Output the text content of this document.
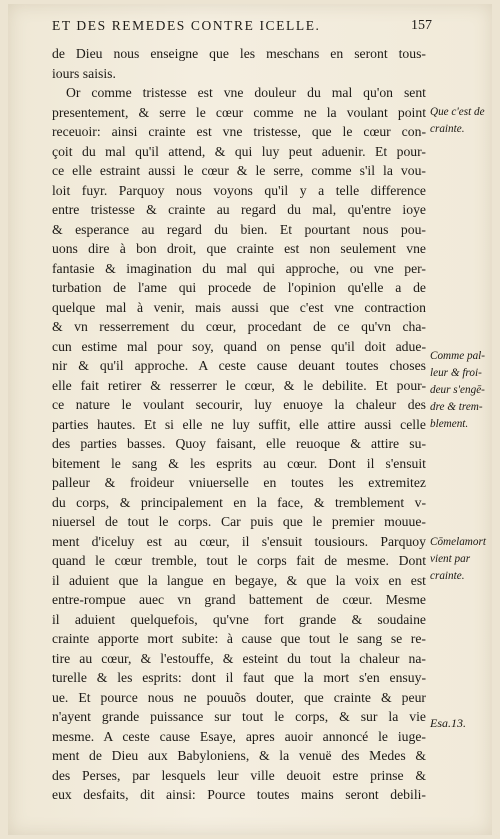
ET DES REMEDES CONTRE ICELLE.	157
de Dieu nous enseigne que les meschans en seront tous-
iours saisis.
Or comme tristesse est vne douleur du mal qu'on sent
presentement, & serre le cœur comme ne la voulant point
receuoir: ainsi crainte est vne tristesse, que le cœur con-
çoit du mal qu'il attend, & qui luy peut aduenir. Et pour-
ce elle estraint aussi le cœur & le serre, comme s'il la vou-
loit fuyr. Parquoy nous voyons qu'il y a telle difference
entre tristesse & crainte au regard du mal, qu'entre ioye
& esperance au regard du bien. Et pourtant nous pou-
uons dire à bon droit, que crainte est non seulement vne
fantasie & imagination du mal qui approche, ou vne per-
turbation de l'ame qui procede de l'opinion qu'elle a de
quelque mal à venir, mais aussi que c'est vne contraction
& vn resserrement du cœur, procedant de ce qu'vn cha-
cun estime mal pour soy, quand on pense qu'il doit adue-
nir & qu'il approche. A ceste cause deuant toutes choses
elle fait retirer & resserrer le cœur, & le debilite. Et pour-
ce nature le voulant secourir, luy enuoye la chaleur des
parties hautes. Et si elle ne luy suffit, elle attire aussi celle
des parties basses. Quoy faisant, elle reuoque & attire su-
bitement le sang & les esprits au cœur. Dont il s'ensuit
palleur & froideur vniuerselle en toutes les extremitez
du corps, & principalement en la face, & tremblement v-
niuersel de tout le corps. Car puis que le premier mouue-
ment d'iceluy est au cœur, il s'ensuit tousiours. Parquoy
quand le cœur tremble, tout le corps fait de mesme. Dont
il aduient que la langue en begaye, & que la voix en est
entre-rompue auec vn grand battement de cœur. Mesme
il aduient quelquefois, qu'vne fort grande & soudaine
crainte apporte mort subite: à cause que tout le sang se re-
tire au cœur, & l'estouffe, & esteint du tout la chaleur na-
turelle & les esprits: dont il faut que la mort s'en ensuy-
ue. Et pource nous ne pouuõs douter, que crainte & peur
n'ayent grande puissance sur tout le corps, & sur la vie
mesme. A ceste cause Esaye, apres auoir annoncé le iuge-
ment de Dieu aux Babyloniens, & la venuë des Medes &
des Perses, par lesquels leur ville deuoit estre prinse &
eux desfaits, dit ainsi: Pource toutes mains seront debili-
Que c'est de
crainte.
Comme pal-
leur & froi-
deur s'engē-
dre & trem-
blement.
Cōmelamort
vient par
crainte.
Esa.13.
